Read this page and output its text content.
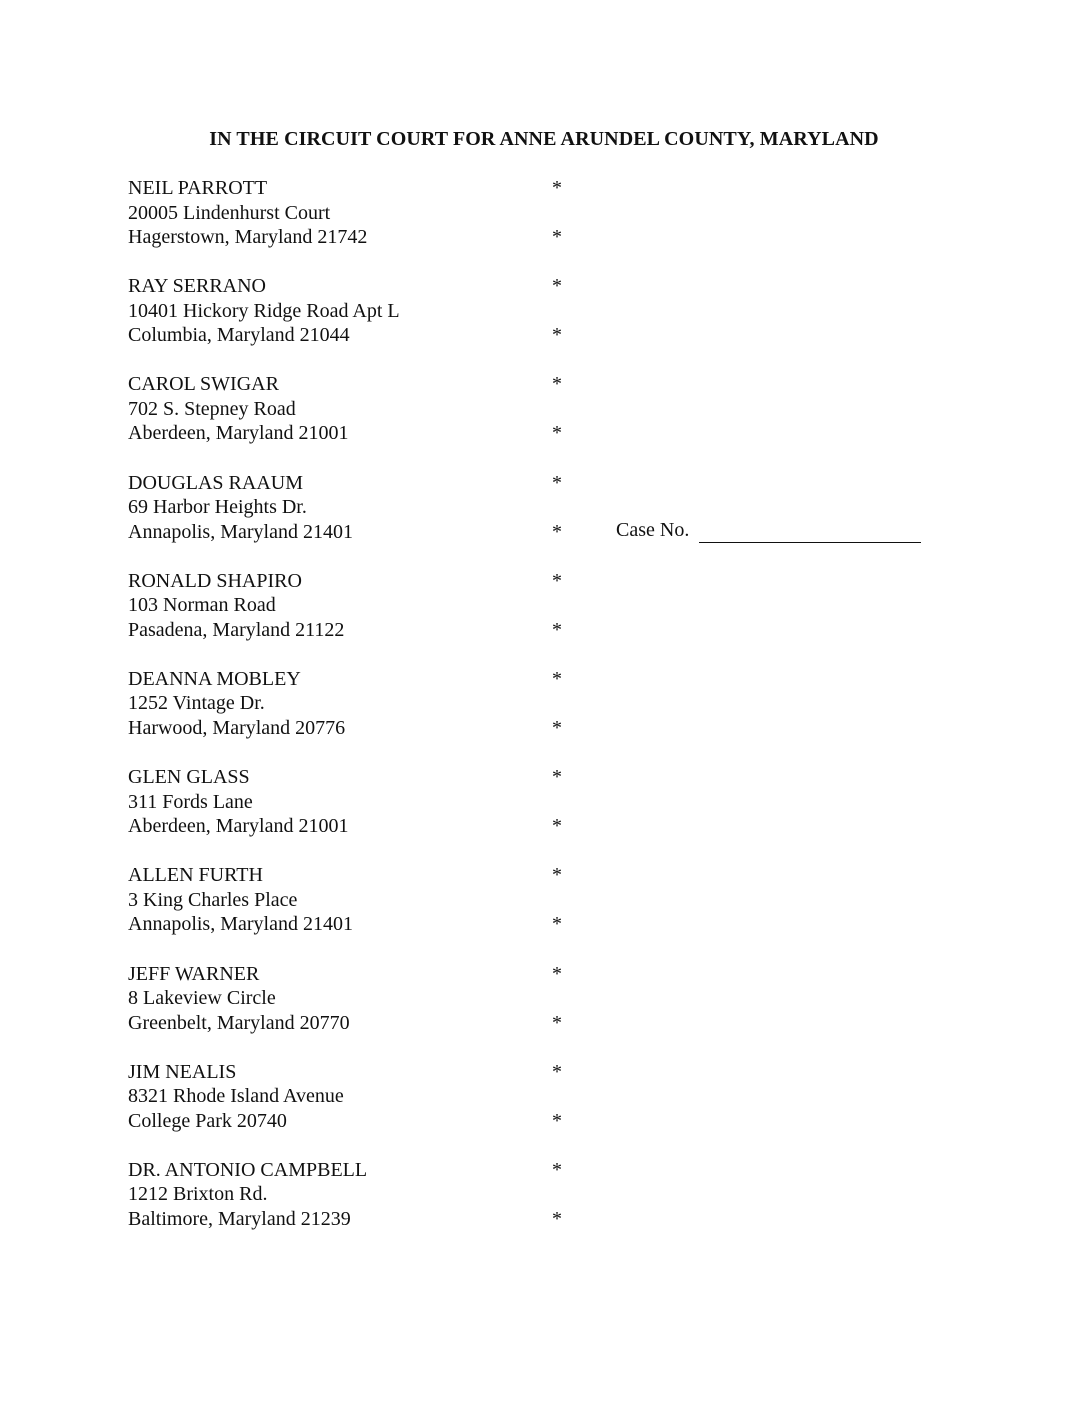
IN THE CIRCUIT COURT FOR ANNE ARUNDEL COUNTY, MARYLAND
NEIL PARROTT
20005 Lindenhurst Court
Hagerstown, Maryland 21742
*
*
RAY SERRANO
10401 Hickory Ridge Road Apt L
Columbia, Maryland 21044
*
*
CAROL SWIGAR
702 S. Stepney Road
Aberdeen, Maryland 21001
*
*
DOUGLAS RAAUM
69 Harbor Heights Dr.
Annapolis, Maryland 21401
*
*
RONALD SHAPIRO
103 Norman Road
Pasadena, Maryland 21122
*
*
DEANNA MOBLEY
1252 Vintage Dr.
Harwood, Maryland 20776
*
*
GLEN GLASS
311 Fords Lane
Aberdeen, Maryland 21001
*
*
ALLEN FURTH
3 King Charles Place
Annapolis, Maryland 21401
*
*
JEFF WARNER
8 Lakeview Circle
Greenbelt, Maryland 20770
*
*
JIM NEALIS
8321 Rhode Island Avenue
College Park 20740
*
*
DR. ANTONIO CAMPBELL
1212 Brixton Rd.
Baltimore, Maryland 21239
*
*
Case No.
